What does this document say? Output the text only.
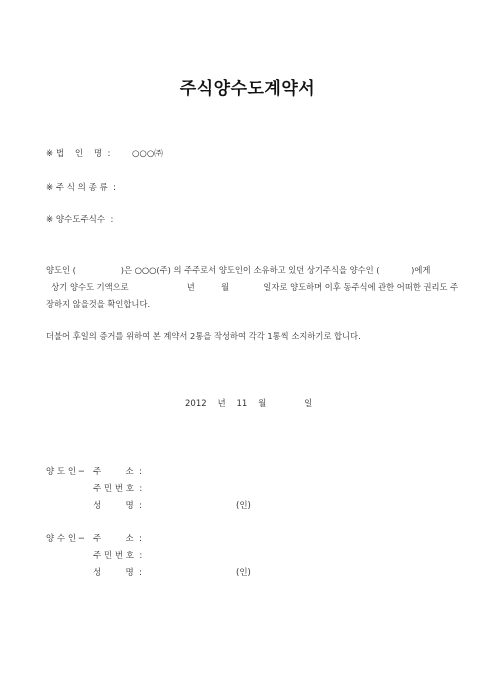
주식양수도계약서
※ 법    인    명  :	○○○㈜
※ 주 식 의 종 류  :
※ 양수도주식수  :
양도인 (                 )은 ○○○(주) 의 주주로서 양도인이 소유하고 있던 상기주식을 양수인 (            )에게
상기 양수도 기액으로                      년          월             일자로 양도하며 이후 동주식에 관한 어떠한 권리도 주
장하지 않을것을 확인합니다.
더불어 후일의 증거를 위하여 본 계약서 2통을 작성하여 각각 1통씩 소지하기로 합니다.
2012    년    11    월              일
양 도 인 ─ 주         소  :
주 민 번 호  :
성         명  :	(인)
양 수 인 ─ 주         소  :
주 민 번 호  :
성         명  :	(인)
